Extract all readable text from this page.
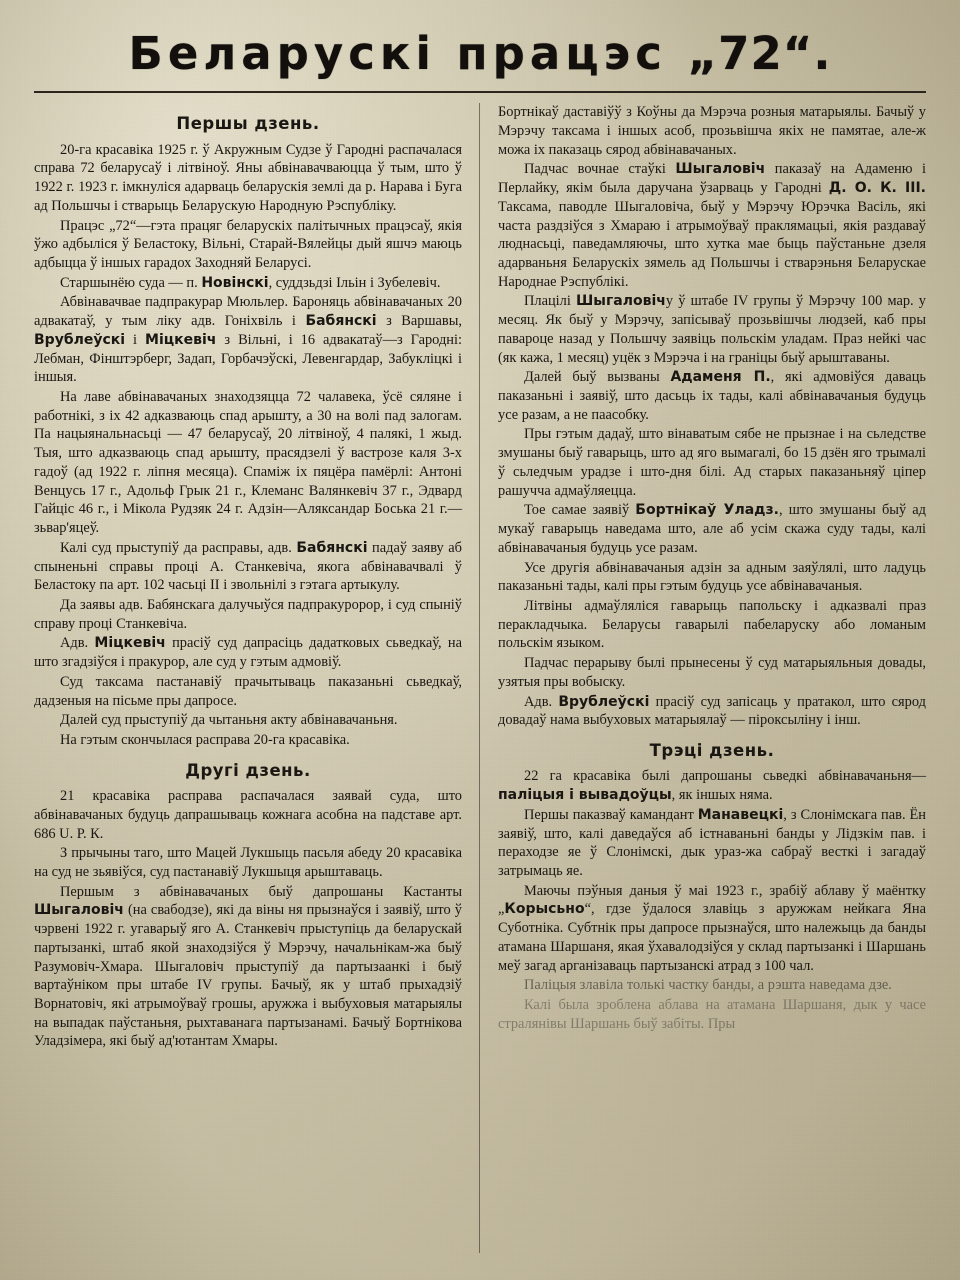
Беларускі працэс „72“.
Першы дзень.

20-га красавіка 1925 г. ў Акружным Судзе ў Гародні распачалася справа 72 беларусаў і літвіноў. Яны абвінавачваюцца ў тым, што ў 1922 г. 1923 г. імкнуліся адарваць беларускія землі да р. Нарава і Буга ад Польшчы і стварыць Беларускую Народную Рэспубліку.

Працэс „72“—гэта працяг беларускіх палітычных працэсаў, якія ўжо адбыліся ў Беластоку, Вільні, Старай-Вялейцы дый яшчэ маюць адбыцца ў іншых гарадох Заходняй Беларусі.

Старшынёю суда — п. Новінскі, суддзьдзі Ільін і Зубелевіч.

Абвінавачвае падпракурар Мюльлер. Бароняць абвінавачаных 20 адвакатаў, у тым ліку адв. Гоніхвіль і Бабянскі з Варшавы, Врублеўскі і Міцкевіч з Вільні, і 16 адвакатаў—з Гародні: Лебман, Фінштэрберг, Задап, Горбачэўскі, Левенгардар, Забукліцкі і іншыя.

На лаве абвінавачаных знаходзяцца 72 чалавека, ўсё сяляне і работнікі, з іх 42 адказваюць спад арышту, а 30 на волі пад залогам. Па нацыянальнасьці — 47 беларусаў, 20 літвіноў, 4 палякі, 1 жыд. Тыя, што адказваюць спад арышту, прасядзелі ў вастрозе каля 3-х гадоў (ад 1922 г. ліпня месяца). Спаміж іх пяцёра памёрлі: Антоні Венцусь 17 г., Адольф Грык 21 г., Клеманс Валянкевіч 37 г., Эдвард Гайціс 46 г., і Мікола Рудзяк 24 г. Адзін—Аляксандар Боська 21 г.— зьвар'яцеў.

Калі суд прыступіў да расправы, адв. Бабянскі падаў заяву аб спыненьні справы проці А. Станкевіча, якога абвінавачвалі ў Беластоку па арт. 102 часьці II і звольнілі з гэтага артыкулу.

Да заявы адв. Бабянскага далучыўся падпракуророр, і суд спыніў справу проці Станкевіча.

Адв. Міцкевіч прасіў суд дапрасіць дадатковых сьведкаў, на што згадзіўся і пракурор, але суд у гэтым адмовіў.

Суд таксама пастанавіў прачытываць паказаньні сьведкаў, дадзеныя на пісьме пры дапросе.

Далей суд прыступіў да чытаньня акту абвінавачаньня.

На гэтым скончылася расправа 20-га красавіка.

Другі дзень.

21 красавіка расправа распачалася заявай суда, што абвінавачаных будуць дапрашываць кожнага асобна на падставе арт. 686 U. Р. К.

З прычыны таго, што Мацей Лукшыць пасьля абеду 20 красавіка на суд не зьявіўся, суд пастанавіў Лукшыця арыштаваць.

Першым з абвінавачаных быў дапрошаны Кастанты Шыгаловіч (на свабодзе), які да віны ня прызнаўся і заявіў, што ў чэрвені 1922 г. угаварыў яго А. Станкевіч прыступіць да беларускай партызанкі, штаб якой знаходзіўся ў Мэрэчу, начальнікам-жа быў Разумовіч-Хмара. Шыгаловіч прыступіў да партызаанкі і быў вартаўніком пры штабе IV групы. Бачыў, як у штаб прыхадзіў Ворнатовіч, які атрымоўваў грошы, аружжа і выбуховыя матарыялы на выпадак паўстаньня, рыхтаванага партызанамі. Бачыў Бортнікова Уладзімера, які быў ад'ютантам Хмары.

Бортнікаў даставіўў з Коўны да Мэрэча розныя матарыялы. Бачыў у Мэрэчу таксама і іншых асоб, прозьвішча якіх не памятае, але-ж можа іх паказаць сярод абвінавачаных.

Падчас вочнае стаўкі Шыгаловіч паказаў на Адаменю і Перлайку, якім была даручана ўзарваць у Гародні Д. О. К. III. Таксама, паводле Шыгаловіча, быў у Мэрэчу Юрэчка Васіль, які часта раздзіўся з Хмараю і атрымоўваў праклямацыі, якія раздаваў люднасьці, паведамляючы, што хутка мае быць паўстаньне дзеля адарваньня Беларускіх зямель ад Польшчы і стварэньня Беларускае Народнае Рэспублікі.

Плацілі Шыгаловічу ў штабе IV групы ў Мэрэчу 100 мар. у месяц. Як быў у Мэрэчу, запісываў прозьвішчы людзей, каб пры павароце назад у Польшчу заявіць польскім уладам. Праз нейкі час (як кажа, 1 месяц) уцёк з Мэрэча і на граніцы быў арыштаваны.

Далей быў вызваны Адаменя П., які адмовіўся даваць паказаньні і заявіў, што дасьць іх тады, калі абвінавачаныя будуць усе разам, а не паасобку.

Пры гэтым дадаў, што вінаватым сябе не прызнае і на сьледстве змушаны быў гаварыць, што ад яго вымагалі, бо 15 дзён яго трымалі ў сьледчым урадзе і што-дня білі. Ад старых паказаньняў ціпер рашучча адмаўляецца.

Тое самае заявіў Бортнікаў Уладз., што змушаны быў ад мукаў гаварыць наведама што, але аб усім скажа суду тады, калі абвінавачаныя будуць усе разам.

Усе другія абвінавачаныя адзін за адным заяўлялі, што ладуць паказаньні тады, калі пры гэтым будуць усе абвінавачаныя.

Літвіны адмаўляліся гаварыць папольску і адказвалі праз перакладчыка. Беларусы гаварылі пабеларуску або ломаным польскім языком.

Падчас перарыву былі прынесены ў суд матарыяльныя довады, узятыя пры вобыску.

Адв. Врублеўскі прасіў суд запісаць у пратакол, што сярод довадаў нама выбуховых матарыялаў — піроксыліну і інш.

Трэці дзень.

22 га красавіка былі дапрошаны сьведкі абвінавачаньня—паліцыя і вывадоўцы, як іншых няма.

Першы паказваў камандант Манавецкі, з Слонімскага пав. Ён заявіў, што, калі даведаўся аб істнаваньні банды у Лідзкім пав. і пераходзе яе ў Слонімскі, дык ураз-жа сабраў весткі і загадаў затрымаць яе.

Маючы пэўныя даныя ў маі 1923 г., зрабіў аблаву ў маёнтку „Корысьно“, гдзе ўдалося злавіць з аружжам нейкага Яна Суботніка. Субтнік пры дапросе прызнаўся, што належыць да банды атамана Шаршаня, якая ўхавалодзіўся у склад партызанкі і Шаршань меў загад арганізаваць партызанскі атрад з 100 чал.

Паліцыя злавіла толькі частку банды, а рэшта наведама дзе.

Калі была зроблена аблава на атамана Шаршаня, дык у часе стралянівы Шаршань быў забіты. Пры
